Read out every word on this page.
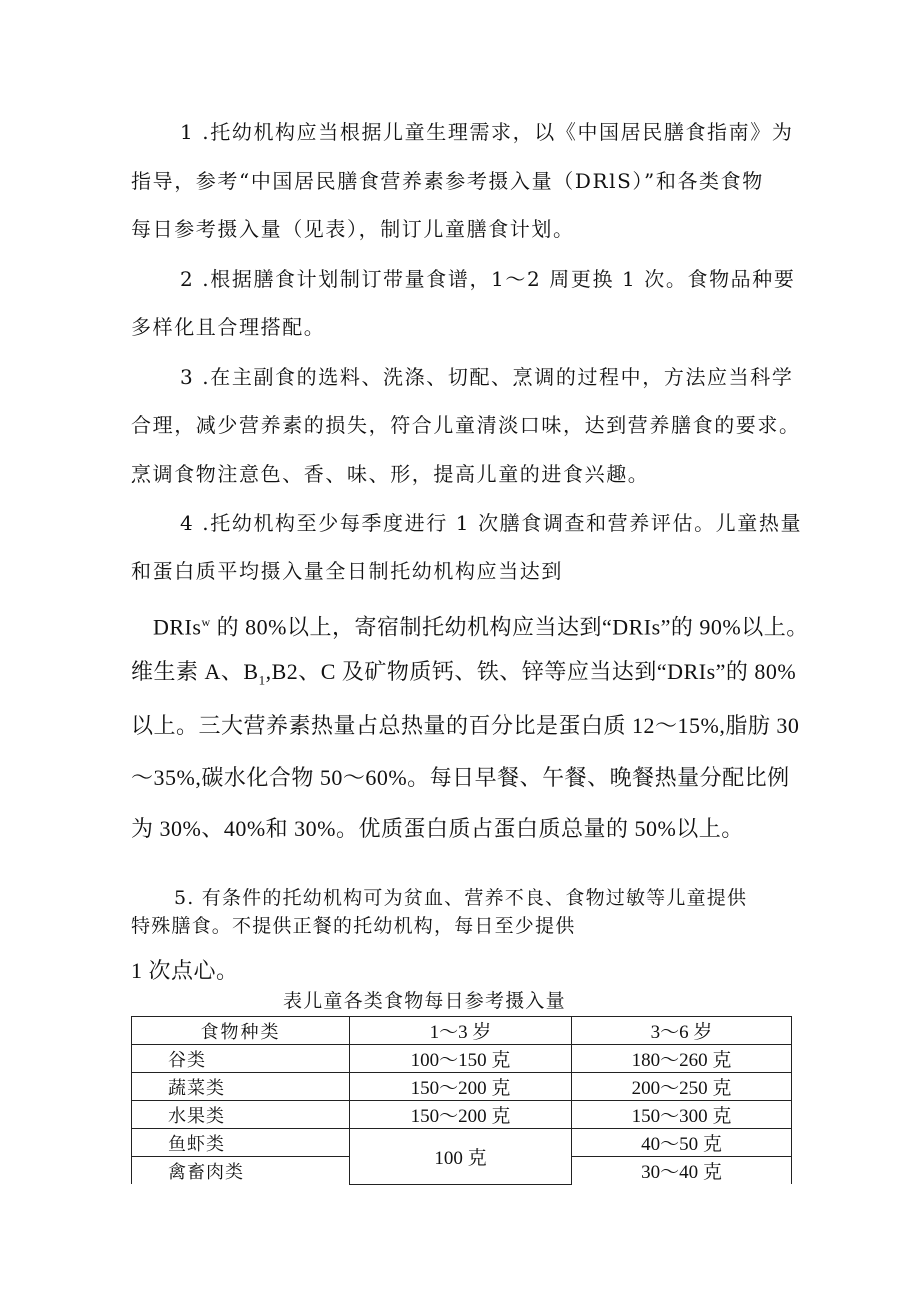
1 .托幼机构应当根据儿童生理需求，以《中国居民膳食指南》为
指导，参考“中国居民膳食营养素参考摄入量（DRlS）”和各类食物
每日参考摄入量（见表），制订儿童膳食计划。
2 .根据膳食计划制订带量食谱，1～2 周更换 1 次。食物品种要
多样化且合理搭配。
3 .在主副食的选料、洗涤、切配、烹调的过程中，方法应当科学
合理，减少营养素的损失，符合儿童清淡口味，达到营养膳食的要求。
烹调食物注意色、香、味、形，提高儿童的进食兴趣。
4 .托幼机构至少每季度进行 1 次膳食调查和营养评估。儿童热量
和蛋白质平均摄入量全日制托幼机构应当达到
DRIs$^w$ 的 80%以上，寄宿制托幼机构应当达到“DRIs”的 90%以上。
维生素 A、$B_1,B2$、C 及矿物质钙、铁、锌等应当达到“DRIs”的 80%
以上。三大营养素热量占总热量的百分比是蛋白质 12～15%,脂肪 30
～35%,碳水化合物 50～60%。每日早餐、午餐、晚餐热量分配比例
为 30%、40%和 30%。优质蛋白质占蛋白质总量的 50%以上。
5. 有条件的托幼机构可为贫血、营养不良、食物过敏等儿童提供
特殊膳食。不提供正餐的托幼机构，每日至少提供
1 次点心。
表儿童各类食物每日参考摄入量
食物种类	1～3 岁	3～6 岁
谷类	100～150 克	180～260 克
蔬菜类	150～200 克	200～250 克
水果类	150～200 克	150～300 克
鱼虾类	100 克	40～50 克
禽畜肉类		30～40 克
